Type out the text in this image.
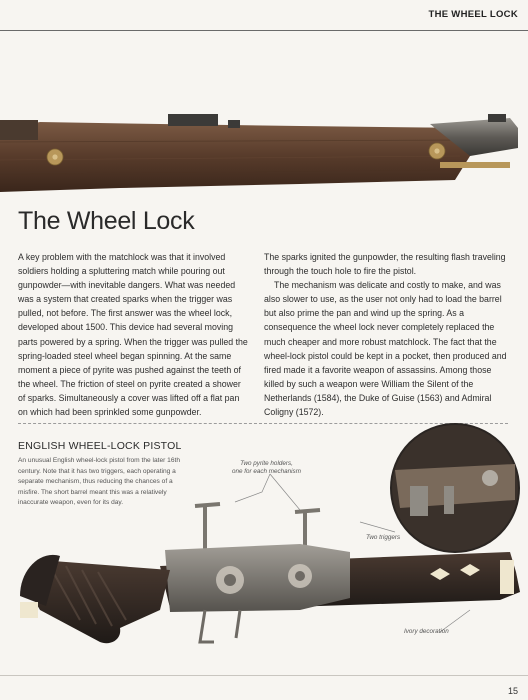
THE WHEEL LOCK
The Wheel Lock

A key problem with the matchlock was that it involved soldiers holding a spluttering match while pouring out gunpowder—with inevitable dangers. What was needed was a system that created sparks when the trigger was pulled, not before. The first answer was the wheel lock, developed about 1500. This device had several moving parts powered by a spring. When the trigger was pulled the spring-loaded steel wheel began spinning. At the same moment a piece of pyrite was pushed against the teeth of the wheel. The friction of steel on pyrite created a shower of sparks. Simultaneously a cover was lifted off a flat pan on which had been sprinkled some gunpowder.

The sparks ignited the gunpowder, the resulting flash traveling through the touch hole to fire the pistol.

The mechanism was delicate and costly to make, and was also slower to use, as the user not only had to load the barrel but also prime the pan and wind up the spring. As a consequence the wheel lock never completely replaced the much cheaper and more robust matchlock. The fact that the wheel-lock pistol could be kept in a pocket, then produced and fired made it a favorite weapon of assassins. Among those killed by such a weapon were William the Silent of the Netherlands (1584), the Duke of Guise (1563) and Admiral Coligny (1572).

ENGLISH WHEEL-LOCK PISTOL

An unusual English wheel-lock pistol from the later 16th century. Note that it has two triggers, each operating a separate mechanism, thus reducing the chances of a misfire. The short barrel meant this was a relatively inaccurate weapon, even for its day.

Two pyrite holders,
one for each mechanism
Two triggers
Ivory decoration
15
